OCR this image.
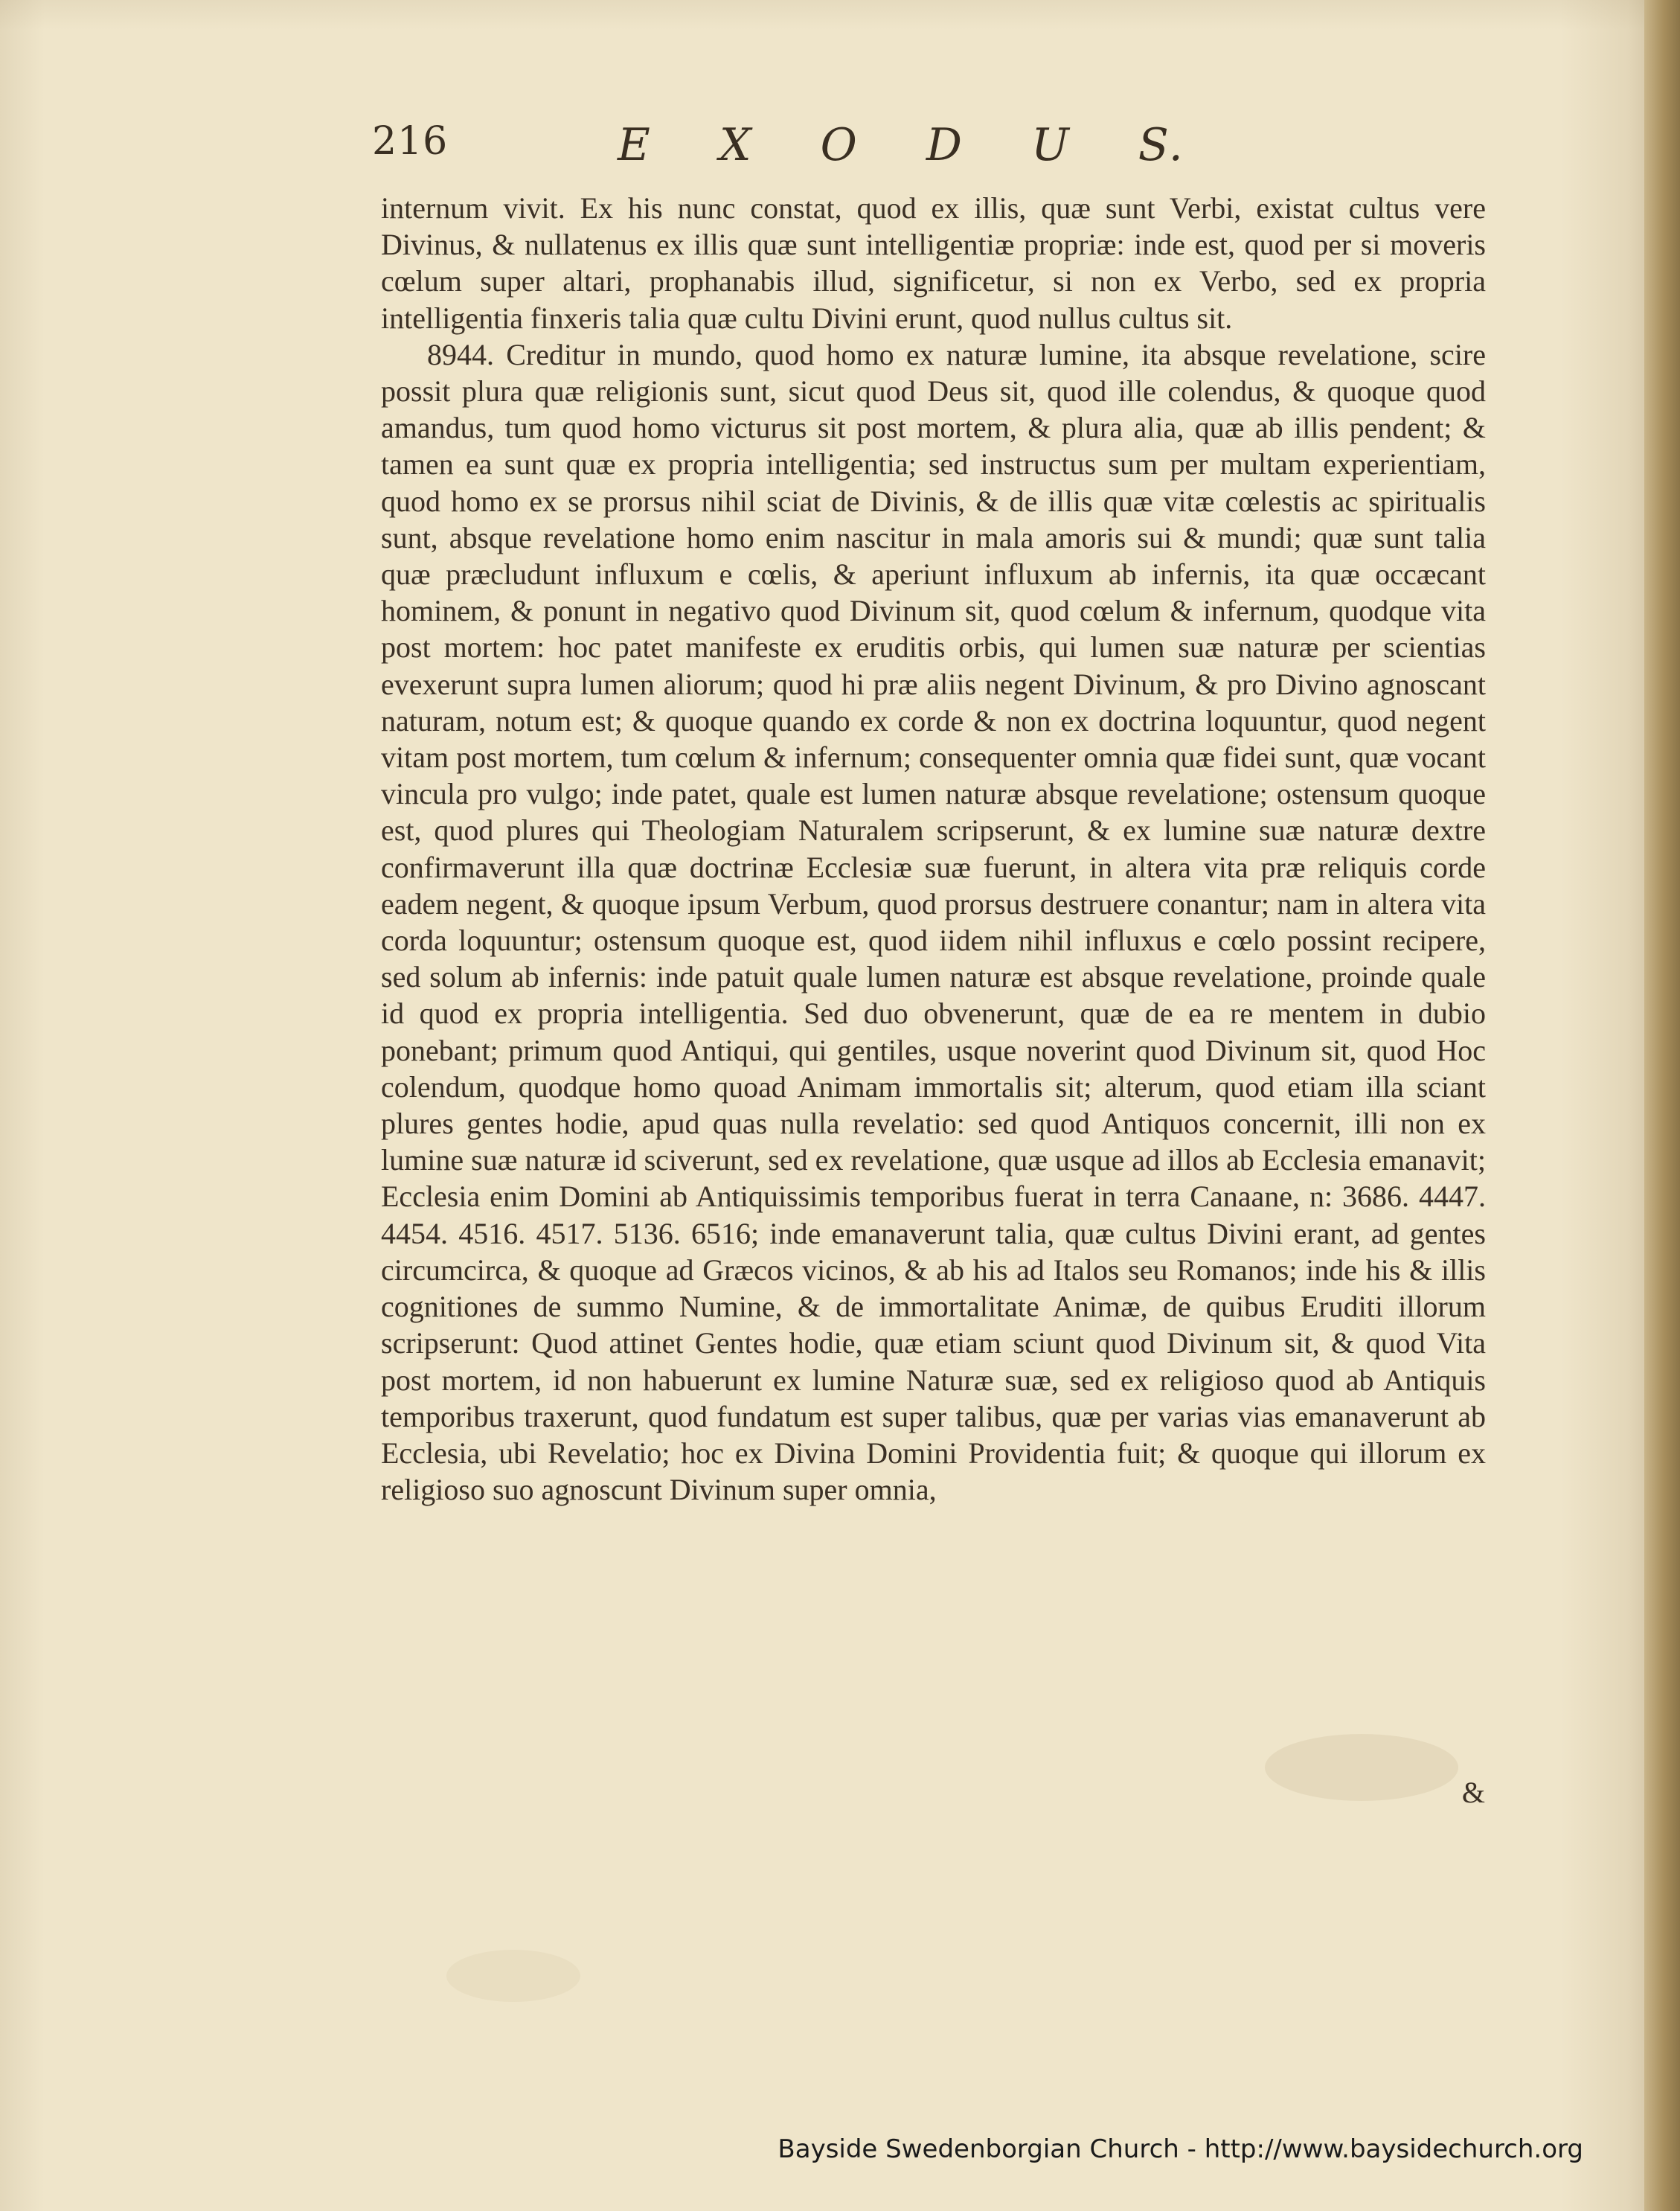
216	E X O D U S.

internum vivit. Ex his nunc constat, quod ex illis, quæ sunt Verbi, existat cultus vere Divinus, & nullatenus ex illis quæ sunt intelligentiæ propriæ: inde est, quod per si moveris cœlum super altari, prophanabis illud, significetur, si non ex Verbo, sed ex propria intelligentia finxeris talia quæ cultu Divini erunt, quod nullus cultus sit.

8944. Creditur in mundo, quod homo ex naturæ lumine, ita absque revelatione, scire possit plura quæ religionis sunt, sicut quod Deus sit, quod ille colendus, & quoque quod amandus, tum quod homo victurus sit post mortem, & plura alia, quæ ab illis pendent; & tamen ea sunt quæ ex propria intelligentia; sed instructus sum per multam experientiam, quod homo ex se prorsus nihil sciat de Divinis, & de illis quæ vitæ cœlestis ac spiritualis sunt, absque revelatione homo enim nascitur in mala amoris sui & mundi; quæ sunt talia quæ præcludunt influxum e cœlis, & aperiunt influxum ab infernis, ita quæ occæcant hominem, & ponunt in negativo quod Divinum sit, quod cœlum & infernum, quodque vita post mortem: hoc patet manifeste ex eruditis orbis, qui lumen suæ naturæ per scientias evexerunt supra lumen aliorum; quod hi præ aliis negent Divinum, & pro Divino agnoscant naturam, notum est; & quoque quando ex corde & non ex doctrina loquuntur, quod negent vitam post mortem, tum cœlum & infernum; consequenter omnia quæ fidei sunt, quæ vocant vincula pro vulgo; inde patet, quale est lumen naturæ absque revelatione; ostensum quoque est, quod plures qui Theologiam Naturalem scripserunt, & ex lumine suæ naturæ dextre confirmaverunt illa quæ doctrinæ Ecclesiæ suæ fuerunt, in altera vita præ reliquis corde eadem negent, & quoque ipsum Verbum, quod prorsus destruere conantur; nam in altera vita corda loquuntur; ostensum quoque est, quod iidem nihil influxus e cœlo possint recipere, sed solum ab infernis: inde patuit quale lumen naturæ est absque revelatione, proinde quale id quod ex propria intelligentia. Sed duo obvenerunt, quæ de ea re mentem in dubio ponebant; primum quod Antiqui, qui gentiles, usque noverint quod Divinum sit, quod Hoc colendum, quodque homo quoad Animam immortalis sit; alterum, quod etiam illa sciant plures gentes hodie, apud quas nulla revelatio: sed quod Antiquos concernit, illi non ex lumine suæ naturæ id sciverunt, sed ex revelatione, quæ usque ad illos ab Ecclesia emanavit; Ecclesia enim Domini ab Antiquissimis temporibus fuerat in terra Canaane, n: 3686. 4447. 4454. 4516. 4517. 5136. 6516; inde emanaverunt talia, quæ cultus Divini erant, ad gentes circumcirca, & quoque ad Græcos vicinos, & ab his ad Italos seu Romanos; inde his & illis cognitiones de summo Numine, & de immortalitate Animæ, de quibus Eruditi illorum scripserunt: Quod attinet Gentes hodie, quæ etiam sciunt quod Divinum sit, & quod Vita post mortem, id non habuerunt ex lumine Naturæ suæ, sed ex religioso quod ab Antiquis temporibus traxerunt, quod fundatum est super talibus, quæ per varias vias emanaverunt ab Ecclesia, ubi Revelatio; hoc ex Divina Domini Providentia fuit; & quoque qui illorum ex religioso suo agnoscunt Divinum super omnia,

&
Bayside Swedenborgian Church - http://www.baysidechurch.org
